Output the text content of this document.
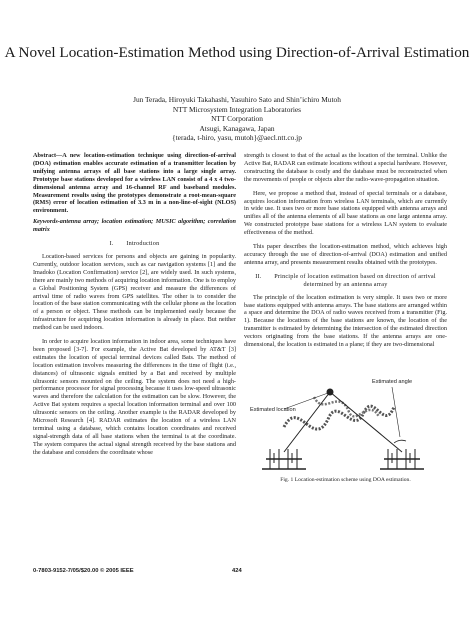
A Novel Location-Estimation Method using Direction-of-Arrival Estimation
Jun Terada, Hiroyuki Takahashi, Yasuhiro Sato and Shin’ichiro Mutoh
NTT Microsystem Integration Laboratories
NTT Corporation
Atsugi, Kanagawa, Japan
{terada, t-hiro, yasu, mutoh}@aecl.ntt.co.jp

Abstract—A new location-estimation technique using direction-of-arrival (DOA) estimation enables accurate estimation of a transmitter location by unifying antenna arrays of all base stations into a large single array. Prototype base stations developed for a wireless LAN consist of a 4 x 4 two-dimensional antenna array and 16-channel RF and baseband modules. Measurement results using the prototypes demonstrate a root-mean-square (RMS) error of location estimation of 3.3 m in a non-line-of-sight (NLOS) environment.

Keywords-antenna array; location estimation; MUSIC algorithm; correlation matrix

I.  Introduction

Location-based services for persons and objects are gaining in popularity. Currently, outdoor location services, such as car navigation systems [1] and the Imadoko (Location Confirmation) service [2], are widely used. In such systems, there are mainly two methods of acquiring location information. One is to employ a Global Positioning System (GPS) receiver and measure the differences of arrival time of radio waves from GPS satellites. The other is to consider the location of the base station communicating with the cellular phone as the location of a person or object. These methods can be implemented easily because the infrastructure for acquiring location information is already in place. But neither method can be used indoors.

In order to acquire location information in indoor area, some techniques have been proposed [3-7]. For example, the Active Bat developed by AT&T [3] estimates the location of special terminal devices called Bats. The method of location estimation involves measuring the differences in the time of flight (i.e., distances) of ultrasonic signals emitted by a Bat and received by multiple ultrasonic sensors mounted on the ceiling. The system does not need a high-performance processor for signal processing because it uses low-speed ultrasonic waves and therefore the calculation for the estimation can be slow. However, the Active Bat system requires a special location information terminal and over 100 ultrasonic sensors on the ceiling. Another example is the RADAR developed by Microsoft Research [4]. RADAR estimates the location of a wireless LAN terminal using a database, which contains location coordinates and received signal-strength data of all base stations when the terminal is at the coordinate. The system compares the actual signal strength received by the base stations and the database and considers the coordinate whose

strength is closest to that of the actual as the location of the terminal. Unlike the Active Bat, RADAR can estimate locations without a special hardware. However, constructing the database is costly and the database must be reconstructed when the movements of people or objects alter the radio-wave-propagation situation.

Here, we propose a method that, instead of special terminals or a database, acquires location information from wireless LAN terminals, which are currently in wide use. It uses two or more base stations equipped with antenna arrays and unifies all of the antenna elements of all base stations as one large antenna array. We constructed prototype base stations for a wireless LAN system to evaluate effectiveness of the method.

This paper describes the location-estimation method, which achieves high accuracy through the use of direction-of-arrival (DOA) estimation and unified antenna array, and presents measurement results obtained with the prototypes.

II.  Principle of location estimation based on direction of arrival determined by an antenna array

The principle of the location estimation is very simple. It uses two or more base stations equipped with antenna arrays. The base stations are arranged within a space and determine the DOA of radio waves received from a transmitter (Fig. 1). Because the locations of the base stations are known, the location of the transmitter is estimated by determining the intersection of the estimated direction vectors originating from the base stations. If the antenna arrays are one-dimensional, the location is estimated in a plane; if they are two-dimensional

Estimated location
Estimated angle
Fig. 1 Location-estimation scheme using DOA estimation.
0-7803-9152-7/05/$20.00 © 2005 IEEE	424
